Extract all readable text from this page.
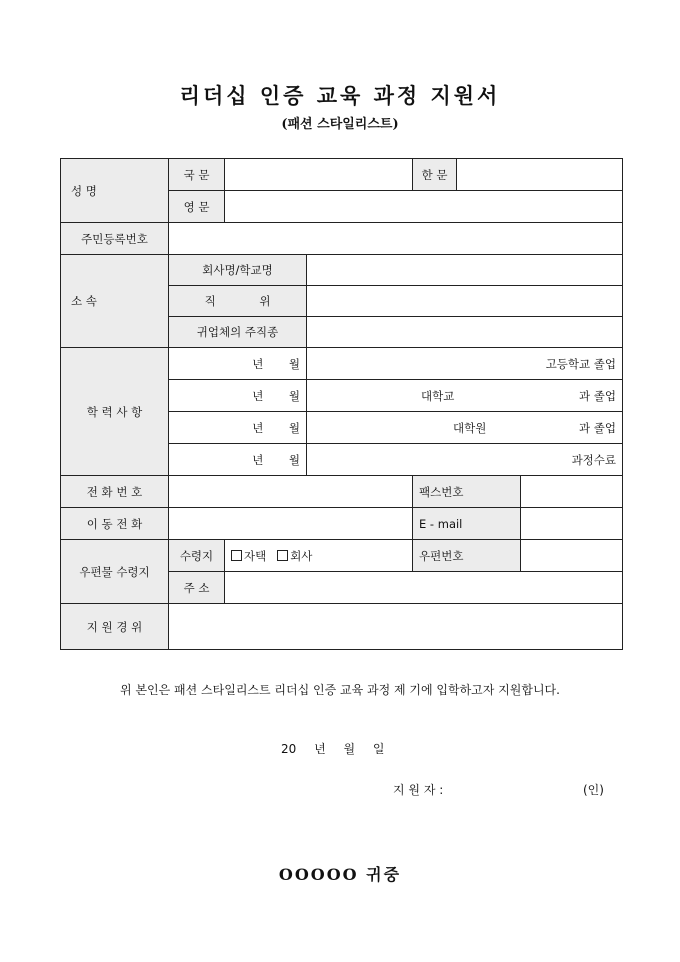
리더십 인증 교육 과정 지원서
(패션 스타일리스트)
성 명	국 문			한 문		
	영 문					
주민등록번호						

소 속	회사명/학교명					
	직 위					
	귀업체의 주직종					
학 력 사 항	년 월		고등학교 졸업			

	년 월		대학교 과 졸업			

	년 월		대학원 과 졸업			

	년 월		과정수료			

전 화 번 호				팩스번호		
이 동 전 화				E - mail		
우편물 수령지	수령지	자택 회사		우편번호		
	주 소					
지 원 경 위						
위 본인은 패션 스타일리스트 리더십 인증 교육 과정 제 기에 입학하고자 지원합니다.
20 년 월 일
지 원 자 :	(인)
OOOOO 귀중
